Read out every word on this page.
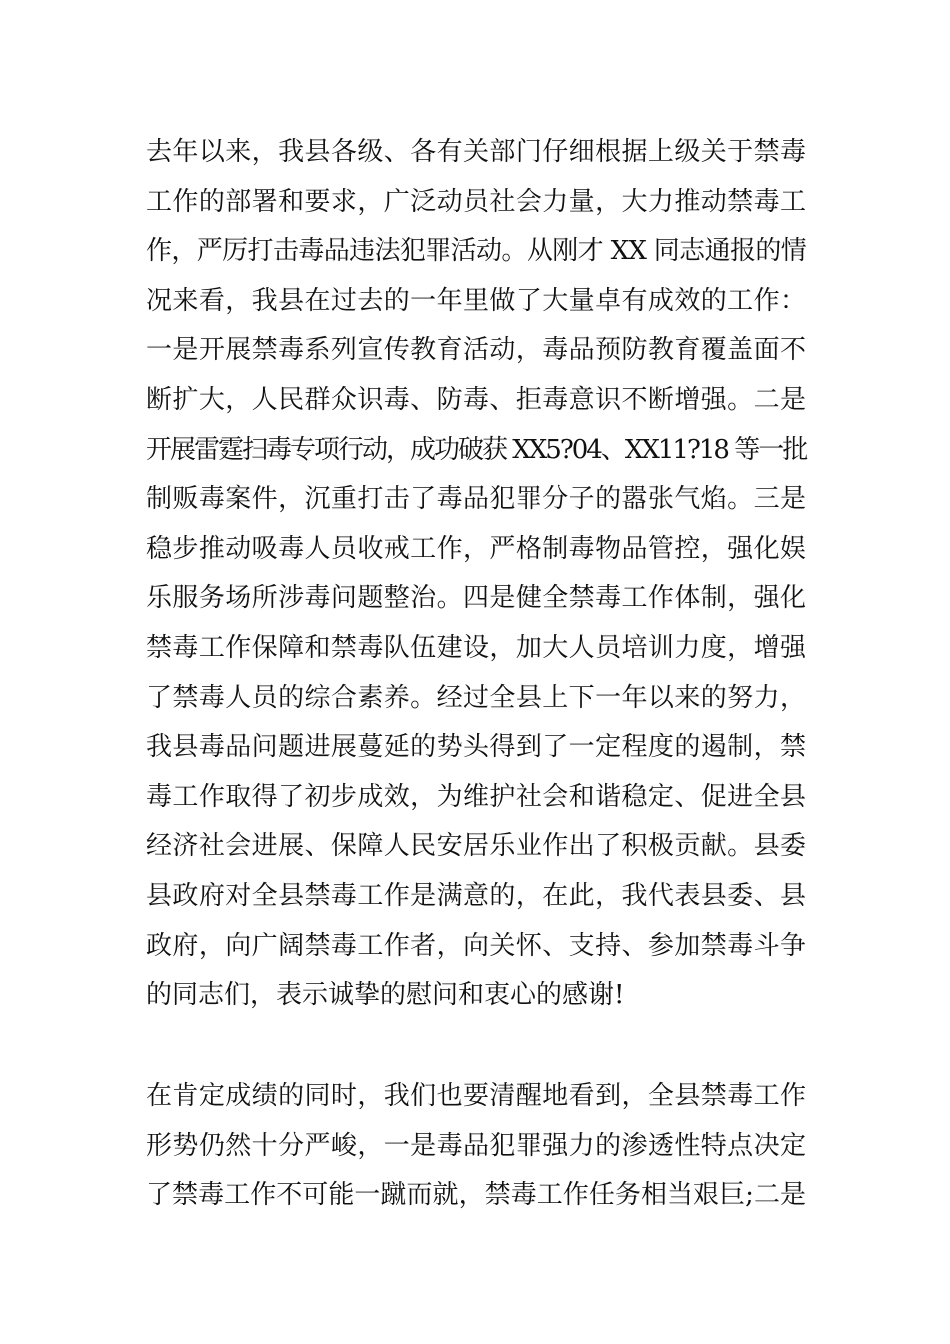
去年以来，我县各级、各有关部门仔细根据上级关于禁毒
工作的部署和要求，广泛动员社会力量，大力推动禁毒工
作，严厉打击毒品违法犯罪活动。从刚才 XX 同志通报的情
况来看，我县在过去的一年里做了大量卓有成效的工作：
一是开展禁毒系列宣传教育活动，毒品预防教育覆盖面不
断扩大，人民群众识毒、防毒、拒毒意识不断增强。二是
开展雷霆扫毒专项行动，成功破获 XX5?04、XX11?18 等一批
制贩毒案件，沉重打击了毒品犯罪分子的嚣张气焰。三是
稳步推动吸毒人员收戒工作，严格制毒物品管控，强化娱
乐服务场所涉毒问题整治。四是健全禁毒工作体制，强化
禁毒工作保障和禁毒队伍建设，加大人员培训力度，增强
了禁毒人员的综合素养。经过全县上下一年以来的努力，
我县毒品问题进展蔓延的势头得到了一定程度的遏制，禁
毒工作取得了初步成效，为维护社会和谐稳定、促进全县
经济社会进展、保障人民安居乐业作出了积极贡献。县委
县政府对全县禁毒工作是满意的，在此，我代表县委、县
政府，向广阔禁毒工作者，向关怀、支持、参加禁毒斗争
的同志们，表示诚挚的慰问和衷心的感谢!
在肯定成绩的同时，我们也要清醒地看到，全县禁毒工作
形势仍然十分严峻，一是毒品犯罪强力的渗透性特点决定
了禁毒工作不可能一蹴而就，禁毒工作任务相当艰巨;二是
